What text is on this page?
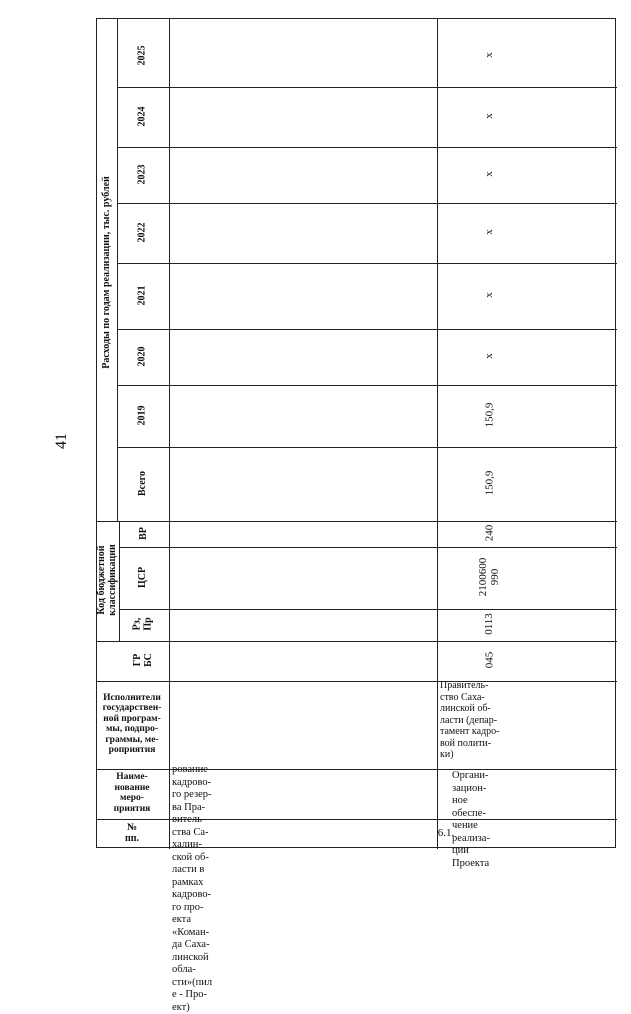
41
Расходы по годам реализации, тыс. рублей
2025
2024
2023
2022
2021
2020
2019
Всего
Код бюджетной
классификации
ВР
ЦСР
Рз,
Пр
ГР
БС
Исполнители
государствен-
ной програм-
мы, подпро-
граммы, ме-
роприятия
Наиме-
нование
меро-
приятия
№
пп.
рование
кадрово-
го резер-
ва Пра-
витель-
ства Са-
халин-
ской об-
ласти в
рамках
кадрово-
го про-
екта
«Коман-
да Саха-
линской
обла-
сти»(пил
е - Про-
ект)
6.1.
Органи-
зацион-
ное
обеспе-
чение
реализа-
ции
Проекта
Правитель-
ство Саха-
линской об-
ласти (депар-
тамент кадро-
вой полити-
ки)
045
0113
2100600 990
240
150,9
150,9
x
x
x
x
x
x
